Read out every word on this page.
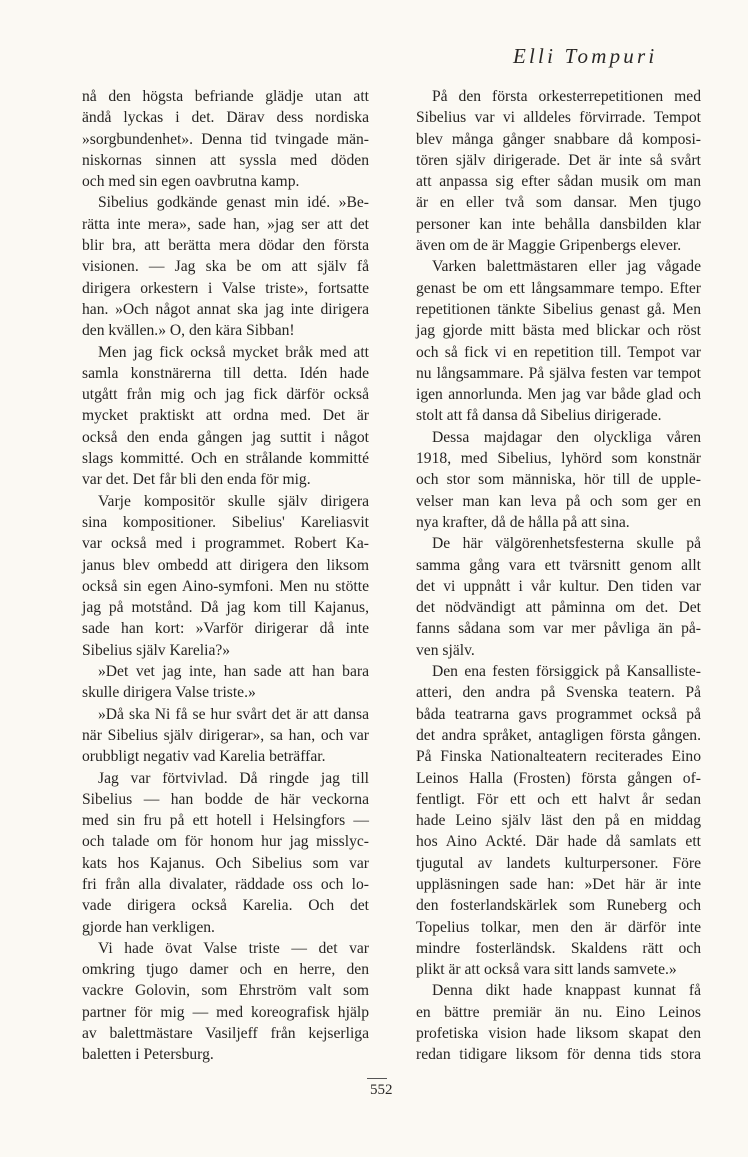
Elli Tompuri
nå den högsta befriande glädje utan att
ändå lyckas i det. Därav dess nordiska
»sorgbundenhet». Denna tid tvingade män-
niskornas sinnen att syssla med döden
och med sin egen oavbrutna kamp.
Sibelius godkände genast min idé. »Be-
rätta inte mera», sade han, »jag ser att det
blir bra, att berätta mera dödar den första
visionen. — Jag ska be om att själv få
dirigera orkestern i Valse triste», fortsatte
han. »Och något annat ska jag inte dirigera
den kvällen.» O, den kära Sibban!
Men jag fick också mycket bråk med att
samla konstnärerna till detta. Idén hade
utgått från mig och jag fick därför också
mycket praktiskt att ordna med. Det är
också den enda gången jag suttit i något
slags kommitté. Och en strålande kommitté
var det. Det får bli den enda för mig.
Varje kompositör skulle själv dirigera
sina kompositioner. Sibelius' Kareliasvit
var också med i programmet. Robert Ka-
janus blev ombedd att dirigera den liksom
också sin egen Aino-symfoni. Men nu stötte
jag på motstånd. Då jag kom till Kajanus,
sade han kort: »Varför dirigerar då inte
Sibelius själv Karelia?»
»Det vet jag inte, han sade att han bara
skulle dirigera Valse triste.»
»Då ska Ni få se hur svårt det är att dansa
när Sibelius själv dirigerar», sa han, och var
orubbligt negativ vad Karelia beträffar.
Jag var förtvivlad. Då ringde jag till
Sibelius — han bodde de här veckorna
med sin fru på ett hotell i Helsingfors —
och talade om för honom hur jag misslyc-
kats hos Kajanus. Och Sibelius som var
fri från alla divalater, räddade oss och lo-
vade dirigera också Karelia. Och det
gjorde han verkligen.
Vi hade övat Valse triste — det var
omkring tjugo damer och en herre, den
vackre Golovin, som Ehrström valt som
partner för mig — med koreografisk hjälp
av balettmästare Vasiljeff från kejserliga
baletten i Petersburg.
På den första orkesterrepetitionen med
Sibelius var vi alldeles förvirrade. Tempot
blev många gånger snabbare då komposi-
tören själv dirigerade. Det är inte så svårt
att anpassa sig efter sådan musik om man
är en eller två som dansar. Men tjugo
personer kan inte behålla dansbilden klar
även om de är Maggie Gripenbergs elever.
Varken balettmästaren eller jag vågade
genast be om ett långsammare tempo. Efter
repetitionen tänkte Sibelius genast gå. Men
jag gjorde mitt bästa med blickar och röst
och så fick vi en repetition till. Tempot var
nu långsammare. På själva festen var tempot
igen annorlunda. Men jag var både glad och
stolt att få dansa då Sibelius dirigerade.
Dessa majdagar den olyckliga våren
1918, med Sibelius, lyhörd som konstnär
och stor som människa, hör till de upple-
velser man kan leva på och som ger en
nya krafter, då de hålla på att sina.
De här välgörenhetsfesterna skulle på
samma gång vara ett tvärsnitt genom allt
det vi uppnått i vår kultur. Den tiden var
det nödvändigt att påminna om det. Det
fanns sådana som var mer påvliga än på-
ven själv.
Den ena festen försiggick på Kansalliste-
atteri, den andra på Svenska teatern. På
båda teatrarna gavs programmet också på
det andra språket, antagligen första gången.
På Finska Nationalteatern reciterades Eino
Leinos Halla (Frosten) första gången of-
fentligt. För ett och ett halvt år sedan
hade Leino själv läst den på en middag
hos Aino Ackté. Där hade då samlats ett
tjugutal av landets kulturpersoner. Före
uppläsningen sade han: »Det här är inte
den fosterlandskärlek som Runeberg och
Topelius tolkar, men den är därför inte
mindre fosterländsk. Skaldens rätt och
plikt är att också vara sitt lands samvete.»
Denna dikt hade knappast kunnat få
en bättre premiär än nu. Eino Leinos
profetiska vision hade liksom skapat den
redan tidigare liksom för denna tids stora
552
